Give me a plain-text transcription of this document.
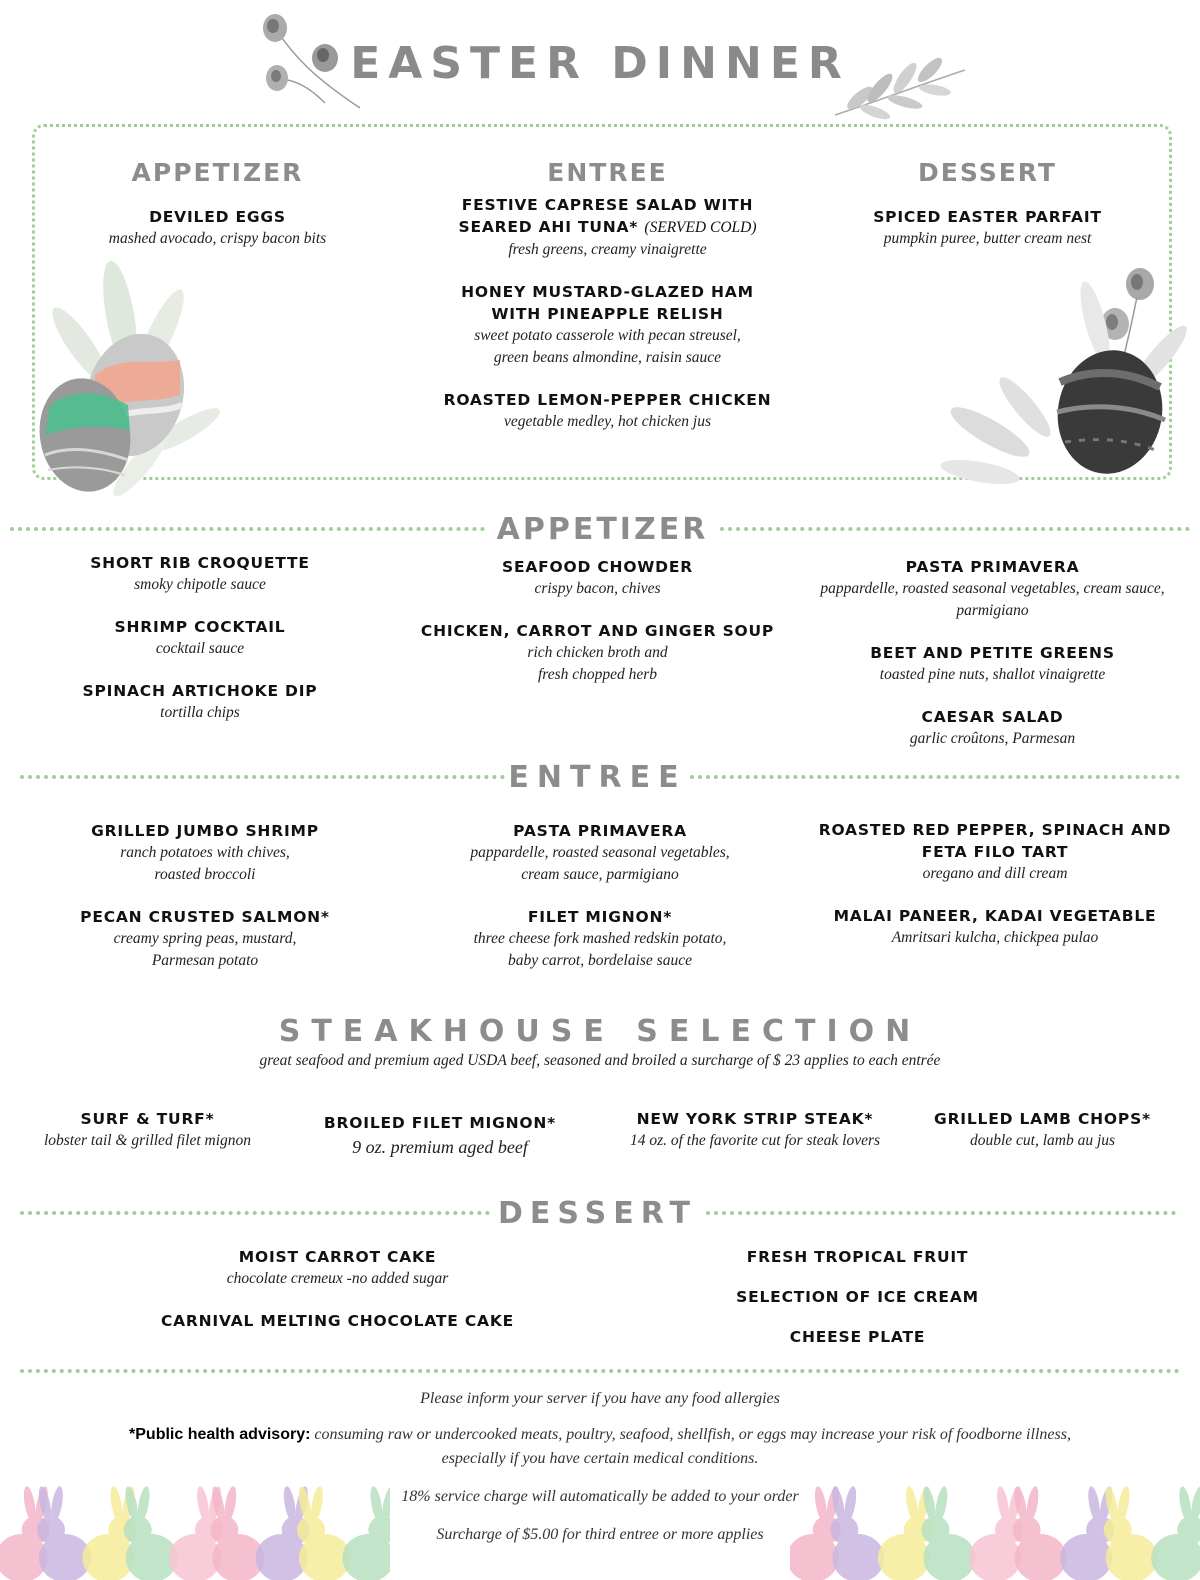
EASTER DINNER
APPETIZER
DEVILED EGGS
mashed avocado, crispy bacon bits
ENTREE
FESTIVE CAPRESE SALAD WITH
SEARED AHI TUNA* (SERVED COLD)
fresh greens, creamy vinaigrette
HONEY MUSTARD-GLAZED HAM
WITH PINEAPPLE RELISH
sweet potato casserole with pecan streusel,
green beans almondine, raisin sauce
ROASTED LEMON-PEPPER CHICKEN
vegetable medley, hot chicken jus
DESSERT
SPICED EASTER PARFAIT
pumpkin puree, butter cream nest
APPETIZER
SHORT RIB CROQUETTE
smoky chipotle sauce
SHRIMP COCKTAIL
cocktail sauce
SPINACH ARTICHOKE DIP
tortilla chips
SEAFOOD CHOWDER
crispy bacon, chives
CHICKEN, CARROT AND GINGER SOUP
rich chicken broth and
fresh chopped herb
PASTA PRIMAVERA
pappardelle, roasted seasonal vegetables, cream sauce,
parmigiano
BEET AND PETITE GREENS
toasted pine nuts, shallot vinaigrette
CAESAR SALAD
garlic croûtons, Parmesan
ENTREE
GRILLED JUMBO SHRIMP
ranch potatoes with chives,
roasted broccoli
PECAN CRUSTED SALMON*
creamy spring peas, mustard,
Parmesan potato
PASTA PRIMAVERA
pappardelle, roasted seasonal vegetables,
cream sauce, parmigiano
FILET MIGNON*
three cheese fork mashed redskin potato,
baby carrot, bordelaise sauce
ROASTED RED PEPPER, SPINACH AND
FETA FILO TART
oregano and dill cream
MALAI PANEER, KADAI VEGETABLE
Amritsari kulcha, chickpea pulao
STEAKHOUSE SELECTION
great seafood and premium aged USDA beef, seasoned and broiled a surcharge of $ 23 applies to each entrée
SURF & TURF*
lobster tail & grilled filet mignon
BROILED FILET MIGNON*
9 oz. premium aged beef
NEW YORK STRIP STEAK*
14 oz. of the favorite cut for steak lovers
GRILLED LAMB CHOPS*
double cut, lamb au jus
DESSERT
MOIST CARROT CAKE
chocolate cremeux -no added sugar
CARNIVAL MELTING CHOCOLATE CAKE
FRESH TROPICAL FRUIT
SELECTION OF ICE CREAM
CHEESE PLATE
Please inform your server if you have any food allergies
*Public health advisory: consuming raw or undercooked meats, poultry, seafood, shellfish, or eggs may increase your risk of foodborne illness,
especially if you have certain medical conditions.
18% service charge will automatically be added to your order
Surcharge of $5.00 for third entree or more applies
